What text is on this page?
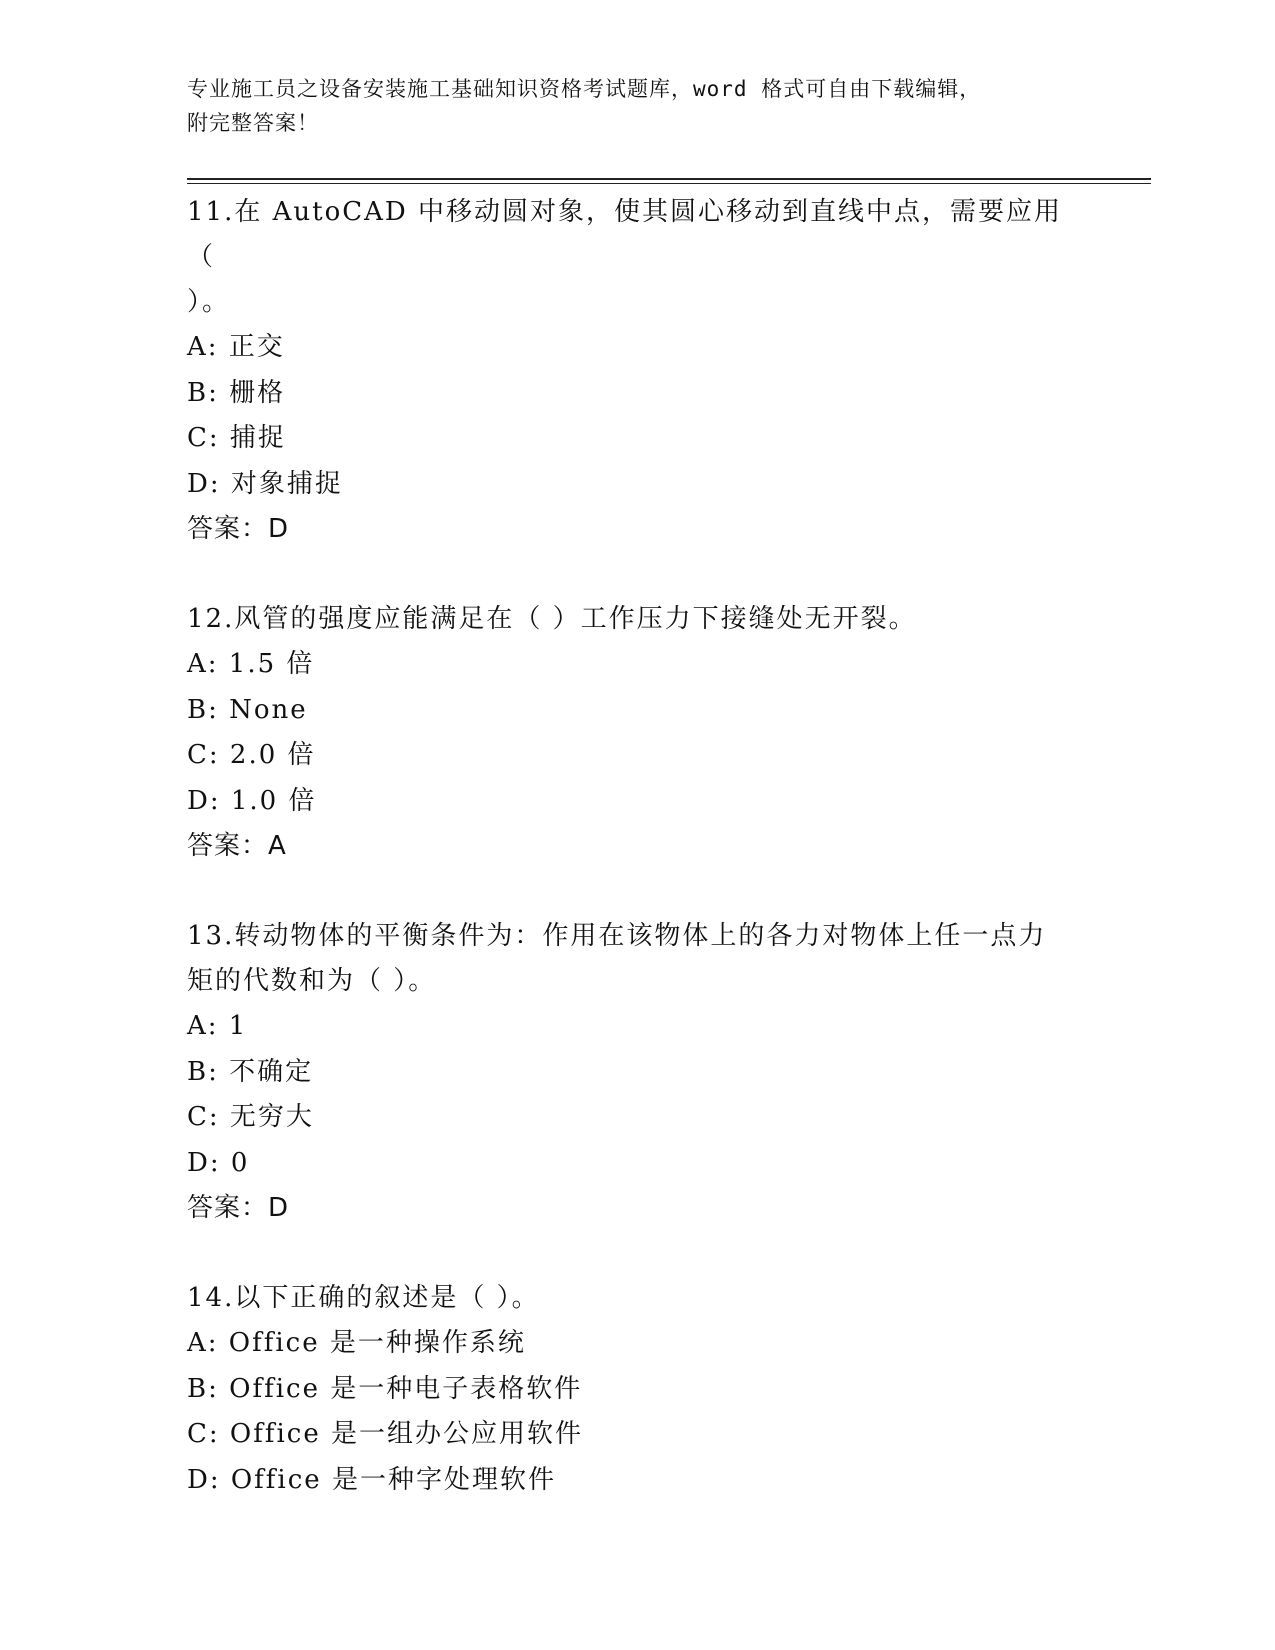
专业施工员之设备安装施工基础知识资格考试题库，word 格式可自由下载编辑，
附完整答案！

11.在 AutoCAD 中移动圆对象，使其圆心移动到直线中点，需要应用（
）。

A: 正交

B: 栅格

C: 捕捉

D: 对象捕捉

答案：D

12.风管的强度应能满足在（ ）工作压力下接缝处无开裂。

A: 1.5 倍

B: None

C: 2.0 倍

D: 1.0 倍

答案：A

13.转动物体的平衡条件为：作用在该物体上的各力对物体上任一点力
矩的代数和为（ ）。

A: 1

B: 不确定

C: 无穷大

D: 0

答案：D

14.以下正确的叙述是（ ）。

A: Office 是一种操作系统

B: Office 是一种电子表格软件

C: Office 是一组办公应用软件

D: Office 是一种字处理软件
